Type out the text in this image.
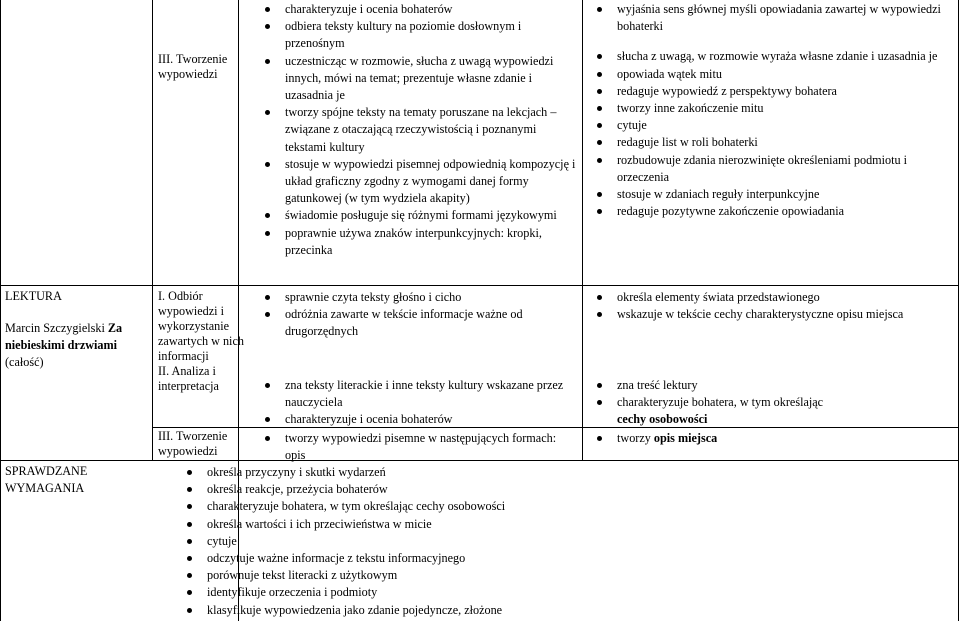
III. Tworzenie wypowiedzi
charakteryzuje i ocenia bohaterów
odbiera teksty kultury na poziomie dosłownym i przenośnym
uczestnicząc w rozmowie, słucha z uwagą wypowiedzi innych, mówi na temat; prezentuje własne zdanie i uzasadnia je
tworzy spójne teksty na tematy poruszane na lekcjach – związane z otaczającą rzeczywistością i poznanymi tekstami kultury
stosuje w wypowiedzi pisemnej odpowiednią kompozycję i układ graficzny zgodny z wymogami danej formy gatunkowej (w tym wydziela akapity)
świadomie posługuje się różnymi formami językowymi
poprawnie używa znaków interpunkcyjnych: kropki, przecinka
wyjaśnia sens głównej myśli opowiadania zawartej w wypowiedzi bohaterki
słucha z uwagą, w rozmowie wyraża własne zdanie i uzasadnia je
opowiada wątek mitu
redaguje wypowiedź z perspektywy bohatera
tworzy inne zakończenie mitu
cytuje
redaguje list w roli bohaterki
rozbudowuje zdania nierozwinięte określeniami podmiotu i orzeczenia
stosuje w zdaniach reguły interpunkcyjne
redaguje pozytywne zakończenie opowiadania
LEKTURA
Marcin Szczygielski Za niebieskimi drzwiami
(całość)
I. Odbiór wypowiedzi i wykorzystanie zawartych w nich informacji
II. Analiza i interpretacja
III. Tworzenie wypowiedzi
sprawnie czyta teksty głośno i cicho
odróżnia zawarte w tekście informacje ważne od drugorzędnych
zna teksty literackie i inne teksty kultury wskazane przez nauczyciela
charakteryzuje i ocenia bohaterów
tworzy wypowiedzi pisemne w następujących formach: opis
określa elementy świata przedstawionego
wskazuje w tekście cechy charakterystyczne opisu miejsca
zna treść lektury
charakteryzuje bohatera, w tym określając
cechy osobowości
tworzy opis miejsca
SPRAWDZANE WYMAGANIA
określa przyczyny i skutki wydarzeń
określa reakcje, przeżycia bohaterów
charakteryzuje bohatera, w tym określając cechy osobowości
określa wartości i ich przeciwieństwa w micie
cytuje
odczytuje ważne informacje z tekstu informacyjnego
porównuje tekst literacki z użytkowym
identyfikuje orzeczenia i podmioty
klasyfikuje wypowiedzenia jako zdanie pojedyncze, złożone
